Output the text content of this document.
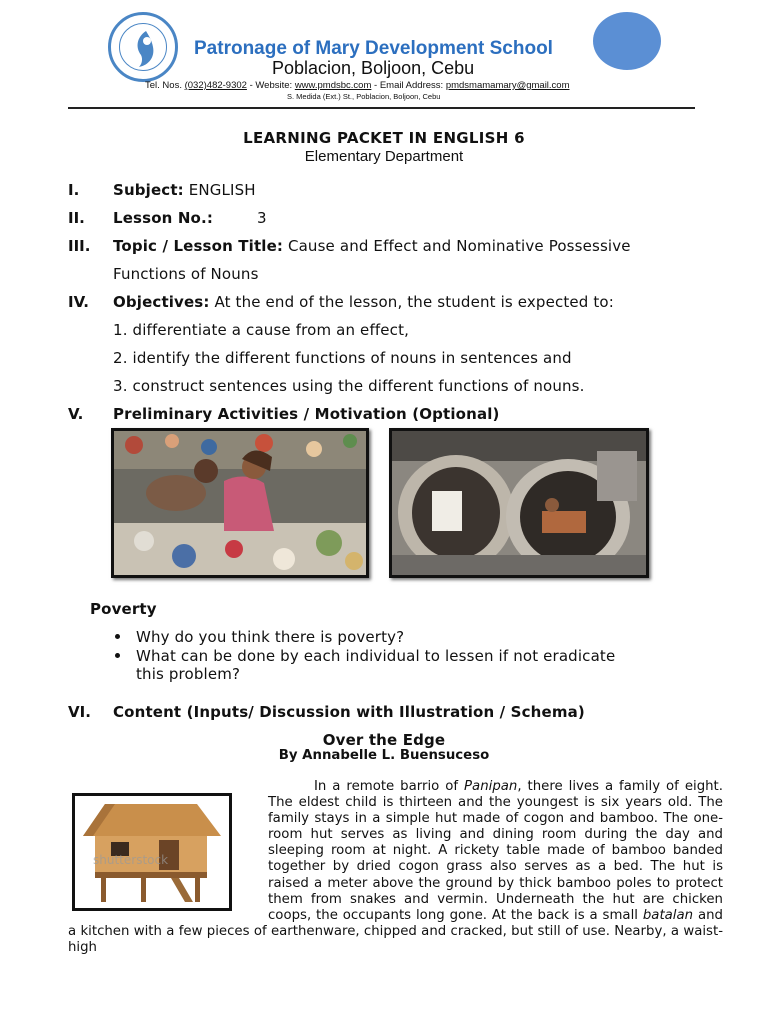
Patronage of Mary Development School
Poblacion, Boljoon, Cebu
Tel. Nos. (032)482-9302 - Website: www.pmdsbc.com - Email Address: pmdsmamamary@gmail.com
S. Medida (Ext.) St., Poblacion, Boljoon, Cebu
LEARNING PACKET IN ENGLISH 6
Elementary Department
I. Subject: ENGLISH
II. Lesson No.:	3
III. Topic / Lesson Title: Cause and Effect and Nominative Possessive
Functions of Nouns
IV. Objectives: At the end of the lesson, the student is expected to:
1. differentiate a cause from an effect,
2. identify the different functions of nouns in sentences and
3. construct sentences using the different functions of nouns.
V. Preliminary Activities / Motivation (Optional)
Poverty
Why do you think there is poverty?
What can be done by each individual to lessen if not eradicate
this problem?
VI. Content (Inputs/ Discussion with Illustration / Schema)
Over the Edge
By Annabelle L. Buensuceso
shutterstock
In a remote barrio of Panipan, there lives a family of eight. The eldest child is thirteen and the youngest is six years old. The family stays in a simple hut made of cogon and bamboo. The one-room hut serves as living and dining room during the day and sleeping room at night. A rickety table made of bamboo banded together by dried cogon grass also serves as a bed. The hut is raised a meter above the ground by thick bamboo poles to protect them from snakes and vermin. Underneath the hut are chicken coops, the occupants long gone. At the back is a small batalan and a kitchen with a few pieces of earthenware, chipped and cracked, but still of use. Nearby, a waist-high
